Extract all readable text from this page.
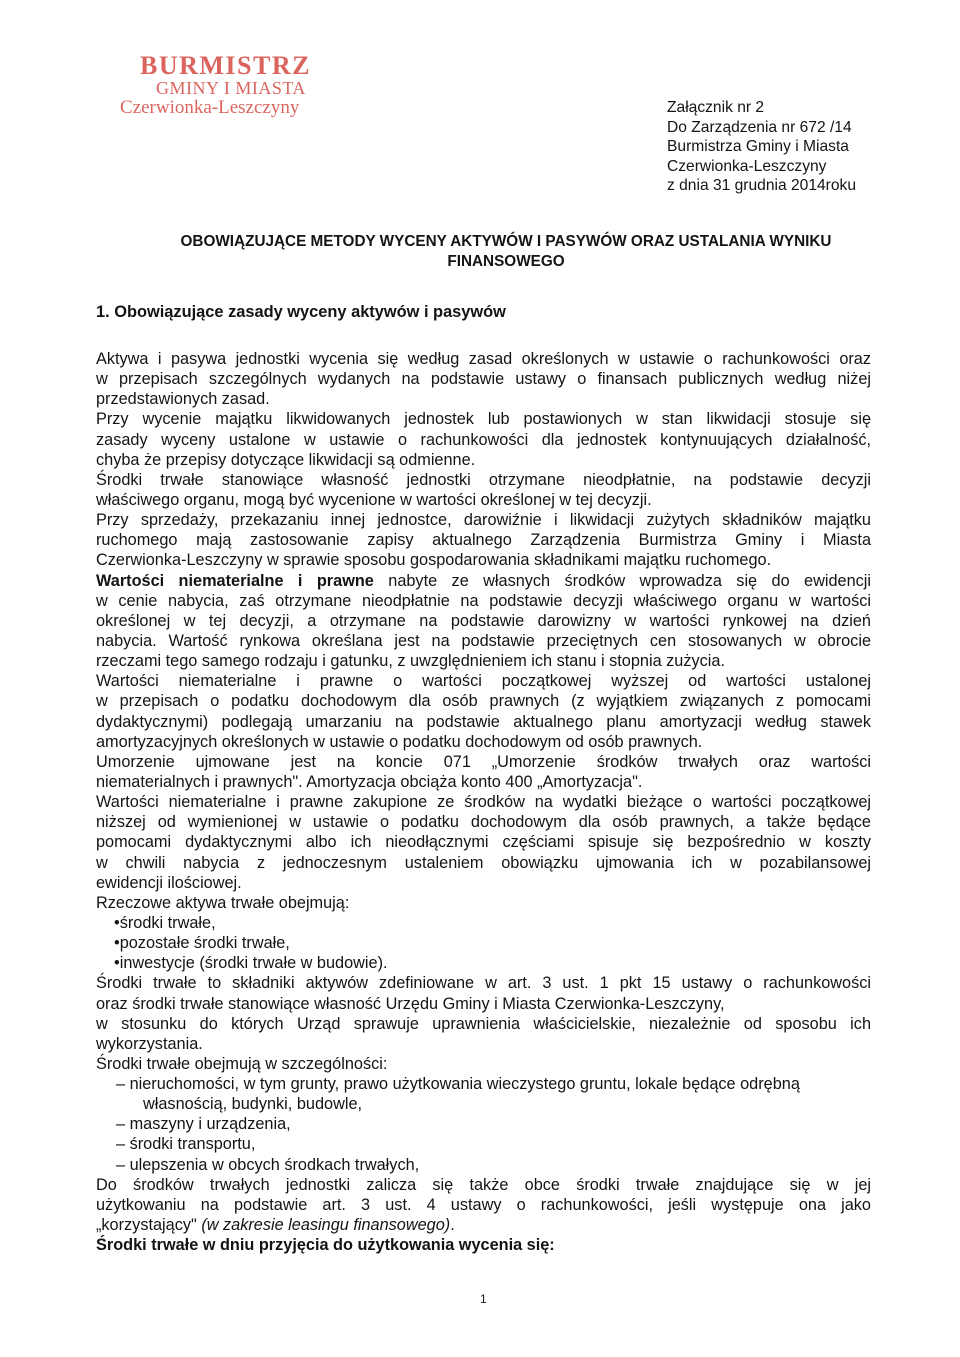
BURMISTRZ
GMINY I MIASTA
Czerwionka-Leszczyny	Załącznik nr 2
Do Zarządzenia nr 672 /14
Burmistrza Gminy i Miasta
Czerwionka-Leszczyny
z dnia 31 grudnia 2014roku
OBOWIĄZUJĄCE METODY WYCENY AKTYWÓW I PASYWÓW ORAZ USTALANIA WYNIKU
FINANSOWEGO
1. Obowiązujące zasady wyceny aktywów i pasywów
Aktywa i pasywa jednostki wycenia się według zasad określonych w ustawie o rachunkowości oraz
w przepisach szczególnych wydanych na podstawie ustawy o finansach publicznych według niżej
przedstawionych zasad.
Przy wycenie majątku likwidowanych jednostek lub postawionych w stan likwidacji stosuje się
zasady wyceny ustalone w ustawie o rachunkowości dla jednostek kontynuujących działalność,
chyba że przepisy dotyczące likwidacji są odmienne.
Środki trwałe stanowiące własność jednostki otrzymane nieodpłatnie, na podstawie decyzji
właściwego organu, mogą być wycenione w wartości określonej w tej decyzji.
Przy sprzedaży, przekazaniu innej jednostce, darowiźnie i likwidacji zużytych składników majątku
ruchomego mają zastosowanie zapisy aktualnego Zarządzenia Burmistrza Gminy i Miasta
Czerwionka-Leszczyny w sprawie sposobu gospodarowania składnikami majątku ruchomego.
Wartości niematerialne i prawne nabyte ze własnych środków wprowadza się do ewidencji
w cenie nabycia, zaś otrzymane nieodpłatnie na podstawie decyzji właściwego organu w wartości
określonej w tej decyzji, a otrzymane na podstawie darowizny w wartości rynkowej na dzień
nabycia. Wartość rynkowa określana jest na podstawie przeciętnych cen stosowanych w obrocie
rzeczami tego samego rodzaju i gatunku, z uwzględnieniem ich stanu i stopnia zużycia.
Wartości niematerialne i prawne o wartości początkowej wyższej od wartości ustalonej
w przepisach o podatku dochodowym dla osób prawnych (z wyjątkiem związanych z pomocami
dydaktycznymi) podlegają umarzaniu na podstawie aktualnego planu amortyzacji według stawek
amortyzacyjnych określonych w ustawie o podatku dochodowym od osób prawnych.
Umorzenie ujmowane jest na koncie 071 „Umorzenie środków trwałych oraz wartości
niematerialnych i prawnych". Amortyzacja obciąża konto 400 „Amortyzacja".
Wartości niematerialne i prawne zakupione ze środków na wydatki bieżące o wartości początkowej
niższej od wymienionej w ustawie o podatku dochodowym dla osób prawnych, a także będące
pomocami dydaktycznymi albo ich nieodłącznymi częściami spisuje się bezpośrednio w koszty
w chwili nabycia z jednoczesnym ustaleniem obowiązku ujmowania ich w pozabilansowej
ewidencji ilościowej.
Rzeczowe aktywa trwałe obejmują:
•środki trwałe,
•pozostałe środki trwałe,
•inwestycje (środki trwałe w budowie).
Środki trwałe to składniki aktywów zdefiniowane w art. 3 ust. 1 pkt 15 ustawy o rachunkowości
oraz środki trwałe stanowiące własność Urzędu Gminy i Miasta Czerwionka-Leszczyny,
w stosunku do których Urząd sprawuje uprawnienia właścicielskie, niezależnie od sposobu ich
wykorzystania.
Środki trwałe obejmują w szczególności:
– nieruchomości, w tym grunty, prawo użytkowania wieczystego gruntu, lokale będące odrębną
własnością, budynki, budowle,
– maszyny i urządzenia,
– środki transportu,
– ulepszenia w obcych środkach trwałych,
Do środków trwałych jednostki zalicza się także obce środki trwałe znajdujące się w jej
użytkowaniu na podstawie art. 3 ust. 4 ustawy o rachunkowości, jeśli występuje ona jako
„korzystający" (w zakresie leasingu finansowego).
Środki trwałe w dniu przyjęcia do użytkowania wycenia się:
1
